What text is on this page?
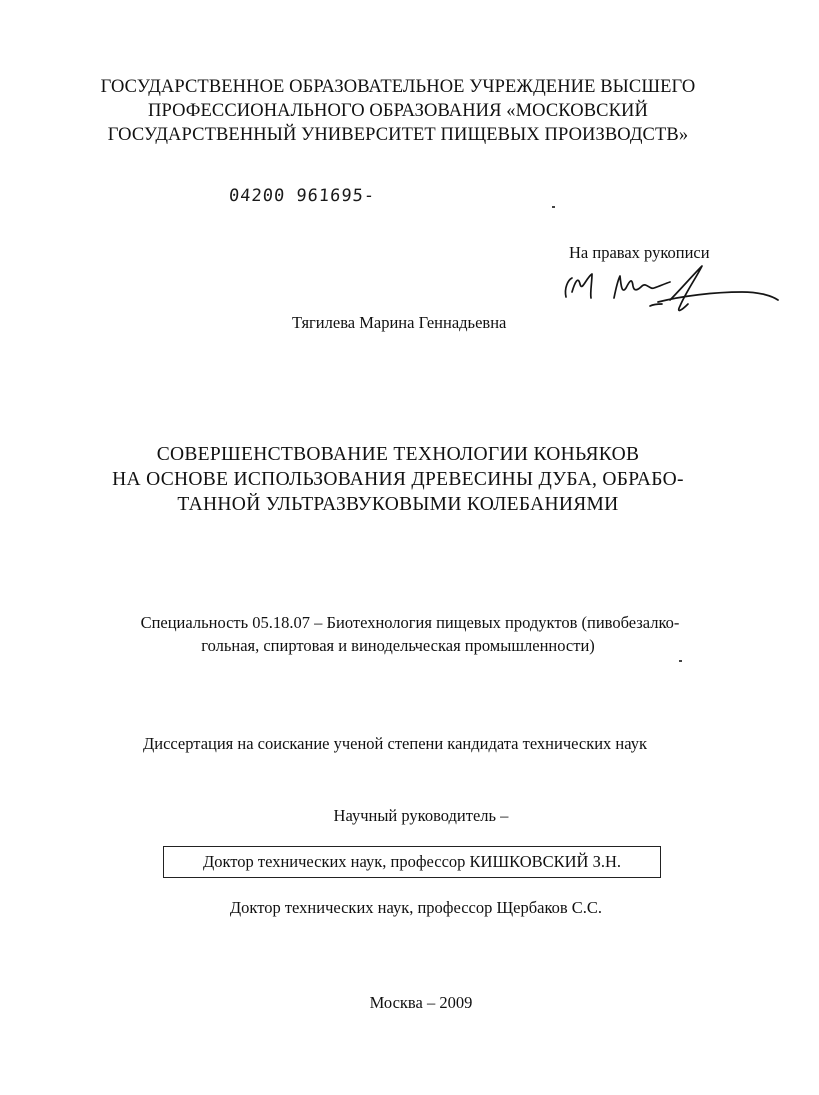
ГОСУДАРСТВЕННОЕ ОБРАЗОВАТЕЛЬНОЕ УЧРЕЖДЕНИЕ ВЫСШЕГО
ПРОФЕССИОНАЛЬНОГО ОБРАЗОВАНИЯ «МОСКОВСКИЙ
ГОСУДАРСТВЕННЫЙ УНИВЕРСИТЕТ ПИЩЕВЫХ ПРОИЗВОДСТВ»
04200 961695-
На правах рукописи
M Mu
Тягилева Марина Геннадьевна
СОВЕРШЕНСТВОВАНИЕ ТЕХНОЛОГИИ КОНЬЯКОВ
НА ОСНОВЕ ИСПОЛЬЗОВАНИЯ ДРЕВЕСИНЫ ДУБА, ОБРАБО-
ТАННОЙ УЛЬТРАЗВУКОВЫМИ КОЛЕБАНИЯМИ
Специальность 05.18.07 – Биотехнология пищевых продуктов (пивобезалко-
гольная, спиртовая и винодельческая промышленности)
Диссертация на соискание ученой степени кандидата технических наук
Научный руководитель –
Доктор технических наук, профессор КИШКОВСКИЙ З.Н.
Доктор технических наук, профессор Щербаков С.С.
Москва – 2009
